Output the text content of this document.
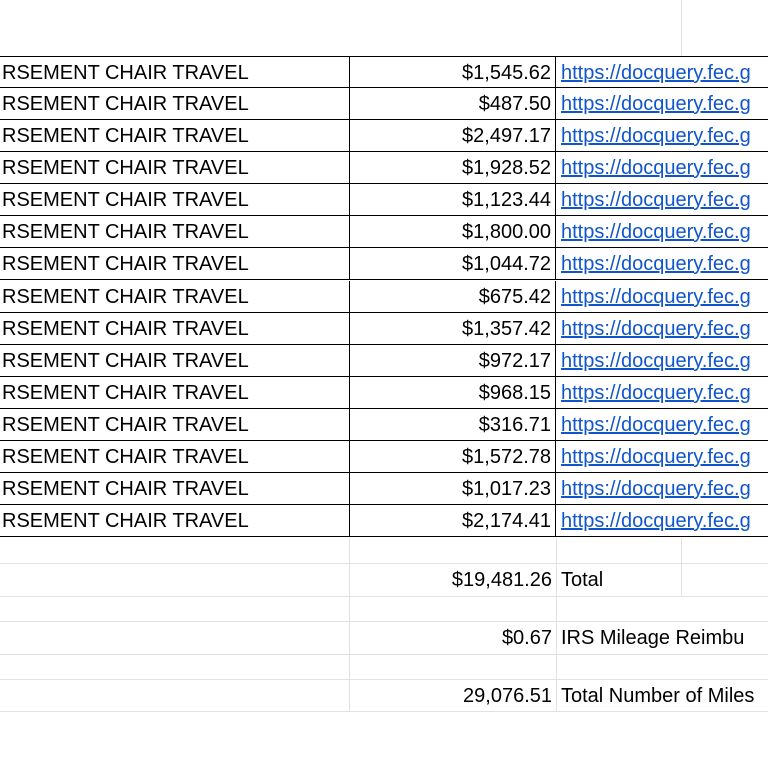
RSEMENT CHAIR TRAVEL	$1,545.62 https://docquery.fec.g
RSEMENT CHAIR TRAVEL	$487.50 https://docquery.fec.g
RSEMENT CHAIR TRAVEL	$2,497.17 https://docquery.fec.g
RSEMENT CHAIR TRAVEL	$1,928.52 https://docquery.fec.g
RSEMENT CHAIR TRAVEL	$1,123.44 https://docquery.fec.g
RSEMENT CHAIR TRAVEL	$1,800.00 https://docquery.fec.g
RSEMENT CHAIR TRAVEL	$1,044.72 https://docquery.fec.g
RSEMENT CHAIR TRAVEL	$675.42 https://docquery.fec.g
RSEMENT CHAIR TRAVEL	$1,357.42 https://docquery.fec.g
RSEMENT CHAIR TRAVEL	$972.17 https://docquery.fec.g
RSEMENT CHAIR TRAVEL	$968.15 https://docquery.fec.g
RSEMENT CHAIR TRAVEL	$316.71 https://docquery.fec.g
RSEMENT CHAIR TRAVEL	$1,572.78 https://docquery.fec.g
RSEMENT CHAIR TRAVEL	$1,017.23 https://docquery.fec.g
RSEMENT CHAIR TRAVEL	$2,174.41 https://docquery.fec.g
$19,481.26 Total
$0.67 IRS Mileage Reimbu
29,076.51 Total Number of Miles
